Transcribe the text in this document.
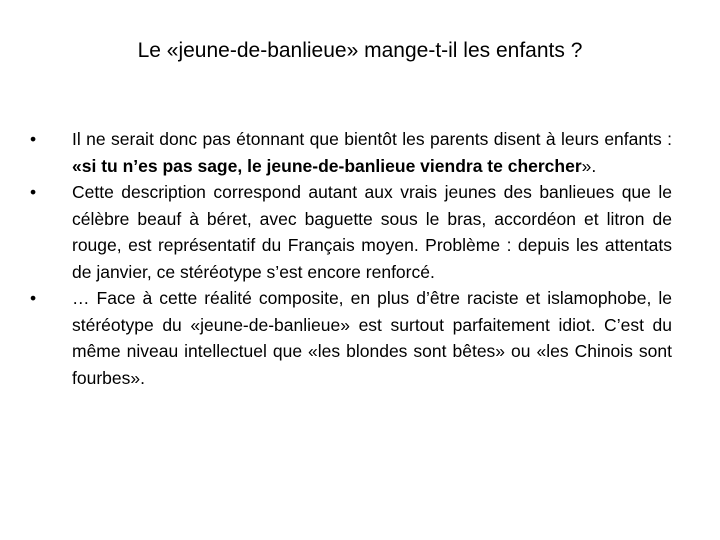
Le «jeune-de-banlieue» mange-t-il les enfants ?
•	Il ne serait donc pas étonnant que bientôt les parents disent à leurs enfants : «si tu n’es pas sage, le jeune-de-banlieue viendra te chercher».
•	Cette description correspond autant aux vrais jeunes des banlieues que le célèbre beauf à béret, avec baguette sous le bras, accordéon et litron de rouge, est représentatif du Français moyen. Problème : depuis les attentats de janvier, ce stéréotype s’est encore renforcé.
•	… Face à cette réalité composite, en plus d’être raciste et islamophobe, le stéréotype du «jeune-de-banlieue» est surtout parfaitement idiot. C’est du même niveau intellectuel que «les blondes sont bêtes» ou «les Chinois sont fourbes».
